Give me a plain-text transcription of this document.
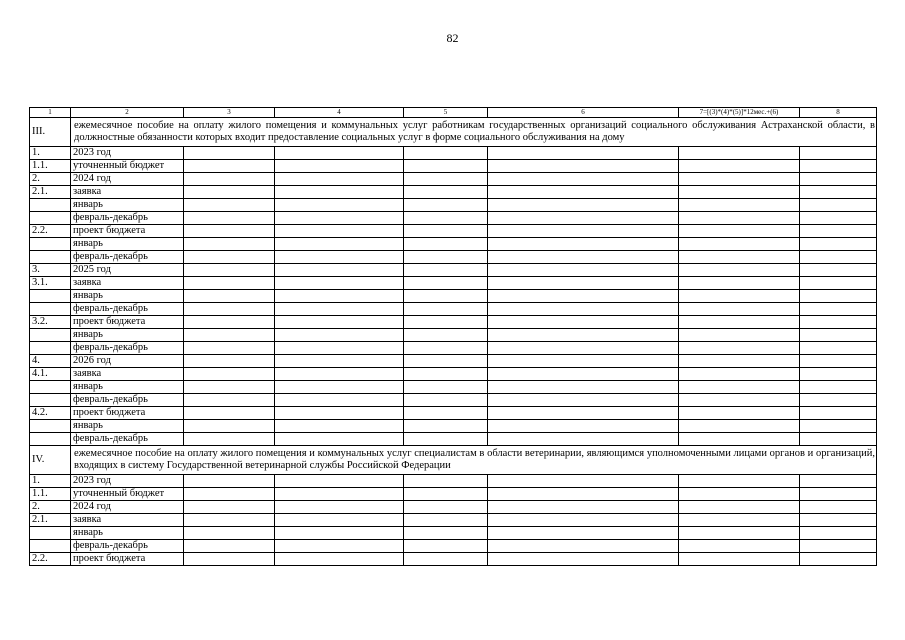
82
1	2	3	4	5	6	7=[(3)*(4)*(5)]*12мес.+(6)	8
III.	ежемесячное пособие на оплату жилого помещения и коммунальных услуг работникам государственных организаций социального обслуживания Астраханской области, в должностные обязанности которых входит предоставление социальных услуг в форме социального обслуживания на дому						
1.	2023 год						
1.1.	уточненный бюджет						
2.	2024 год						
2.1.	заявка						
	январь						
	февраль-декабрь						
2.2.	проект бюджета						
	январь						
	февраль-декабрь						
3.	2025 год						
3.1.	заявка						
	январь						
	февраль-декабрь						
3.2.	проект бюджета						
	январь						
	февраль-декабрь						
4.	2026 год						
4.1.	заявка						
	январь						
	февраль-декабрь						
4.2.	проект бюджета						
	январь						
	февраль-декабрь						
IV.	ежемесячное пособие на оплату жилого помещения и коммунальных услуг специалистам в области ветеринарии, являющимся уполномоченными лицами органов и организаций, входящих в систему Государственной ветеринарной службы Российской Федерации						
1.	2023 год						
1.1.	уточненный бюджет						
2.	2024 год						
2.1.	заявка						
	январь						
	февраль-декабрь						
2.2.	проект бюджета						
